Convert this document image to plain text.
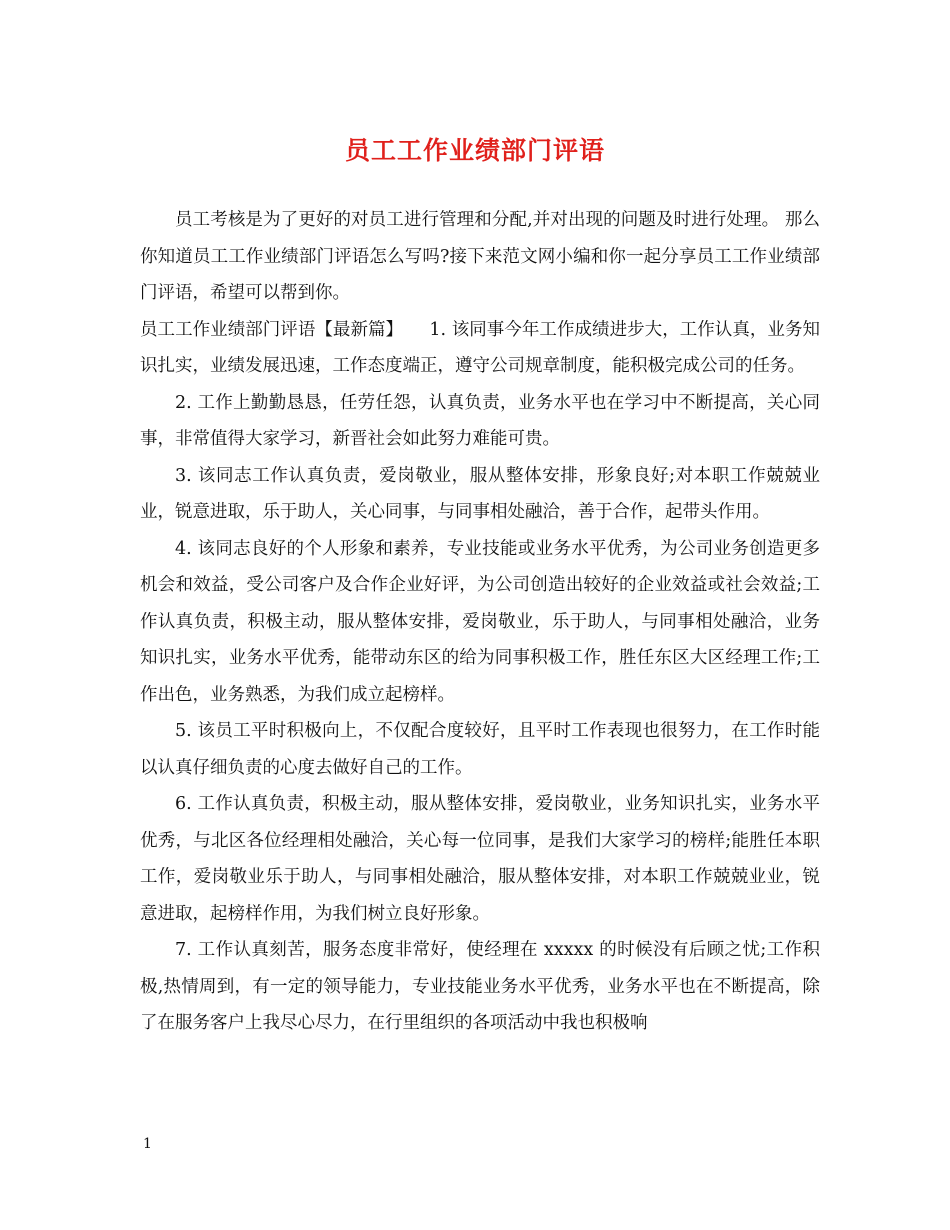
员工工作业绩部门评语

员工考核是为了更好的对员工进行管理和分配,并对出现的问题及时进行处理。 那么你知道员工工作业绩部门评语怎么写吗?接下来范文网小编和你一起分享员工工作业绩部门评语，希望可以帮到你。

员工工作业绩部门评语【最新篇】　　 1. 该同事今年工作成绩进步大，工作认真，业务知识扎实，业绩发展迅速，工作态度端正，遵守公司规章制度，能积极完成公司的任务。

2. 工作上勤勤恳恳，任劳任怨，认真负责，业务水平也在学习中不断提高，关心同事，非常值得大家学习，新晋社会如此努力难能可贵。

3. 该同志工作认真负责，爱岗敬业，服从整体安排，形象良好;对本职工作兢兢业业，锐意进取，乐于助人，关心同事，与同事相处融洽，善于合作，起带头作用。

4. 该同志良好的个人形象和素养，专业技能或业务水平优秀，为公司业务创造更多机会和效益，受公司客户及合作企业好评，为公司创造出较好的企业效益或社会效益;工作认真负责，积极主动，服从整体安排，爱岗敬业，乐于助人，与同事相处融洽，业务知识扎实，业务水平优秀，能带动东区的给为同事积极工作，胜任东区大区经理工作;工作出色，业务熟悉，为我们成立起榜样。

5. 该员工平时积极向上，不仅配合度较好，且平时工作表现也很努力，在工作时能以认真仔细负责的心度去做好自己的工作。

6. 工作认真负责，积极主动，服从整体安排，爱岗敬业，业务知识扎实，业务水平优秀，与北区各位经理相处融洽，关心每一位同事，是我们大家学习的榜样;能胜任本职工作，爱岗敬业乐于助人，与同事相处融洽，服从整体安排，对本职工作兢兢业业，锐意进取，起榜样作用，为我们树立良好形象。

7. 工作认真刻苦，服务态度非常好，使经理在 xxxxx 的时候没有后顾之忧;工作积极,热情周到，有一定的领导能力，专业技能业务水平优秀，业务水平也在不断提高，除了在服务客户上我尽心尽力，在行里组织的各项活动中我也积极响

1
